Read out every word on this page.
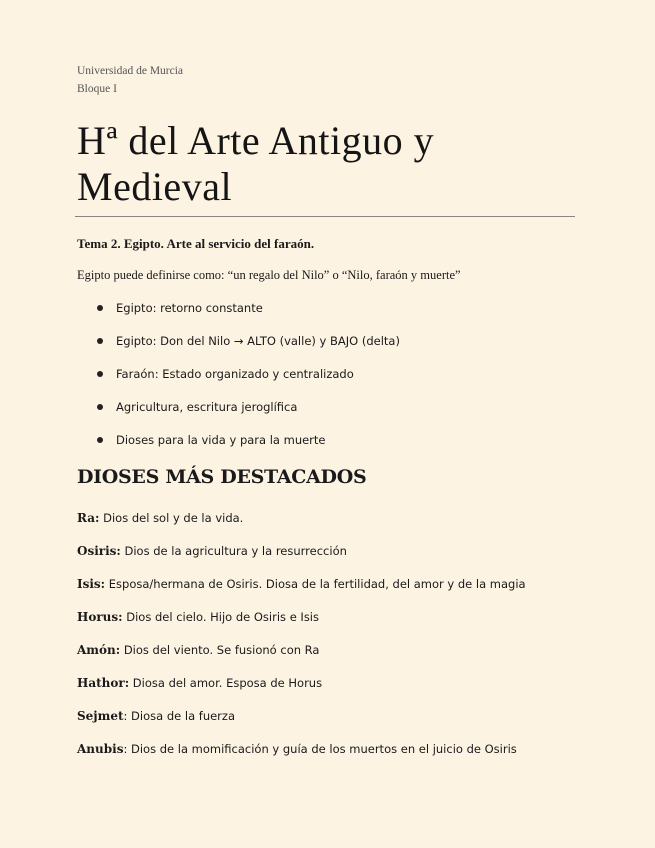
Universidad de Murcia
Bloque I
Hª del Arte Antiguo y Medieval
Tema 2. Egipto. Arte al servicio del faraón.
Egipto puede definirse como: “un regalo del Nilo” o “Nilo, faraón y muerte”
Egipto: retorno constante
Egipto: Don del Nilo → ALTO (valle) y BAJO (delta)
Faraón: Estado organizado y centralizado
Agricultura, escritura jeroglífica
Dioses para la vida y para la muerte
DIOSES MÁS DESTACADOS
Ra: Dios del sol y de la vida.
Osiris: Dios de la agricultura y la resurrección
Isis: Esposa/hermana de Osiris. Diosa de la fertilidad, del amor y de la magia
Horus: Dios del cielo. Hijo de Osiris e Isis
Amón: Dios del viento. Se fusionó con Ra
Hathor: Diosa del amor. Esposa de Horus
Sejmet: Diosa de la fuerza
Anubis: Dios de la momificación y guía de los muertos en el juicio de Osiris
